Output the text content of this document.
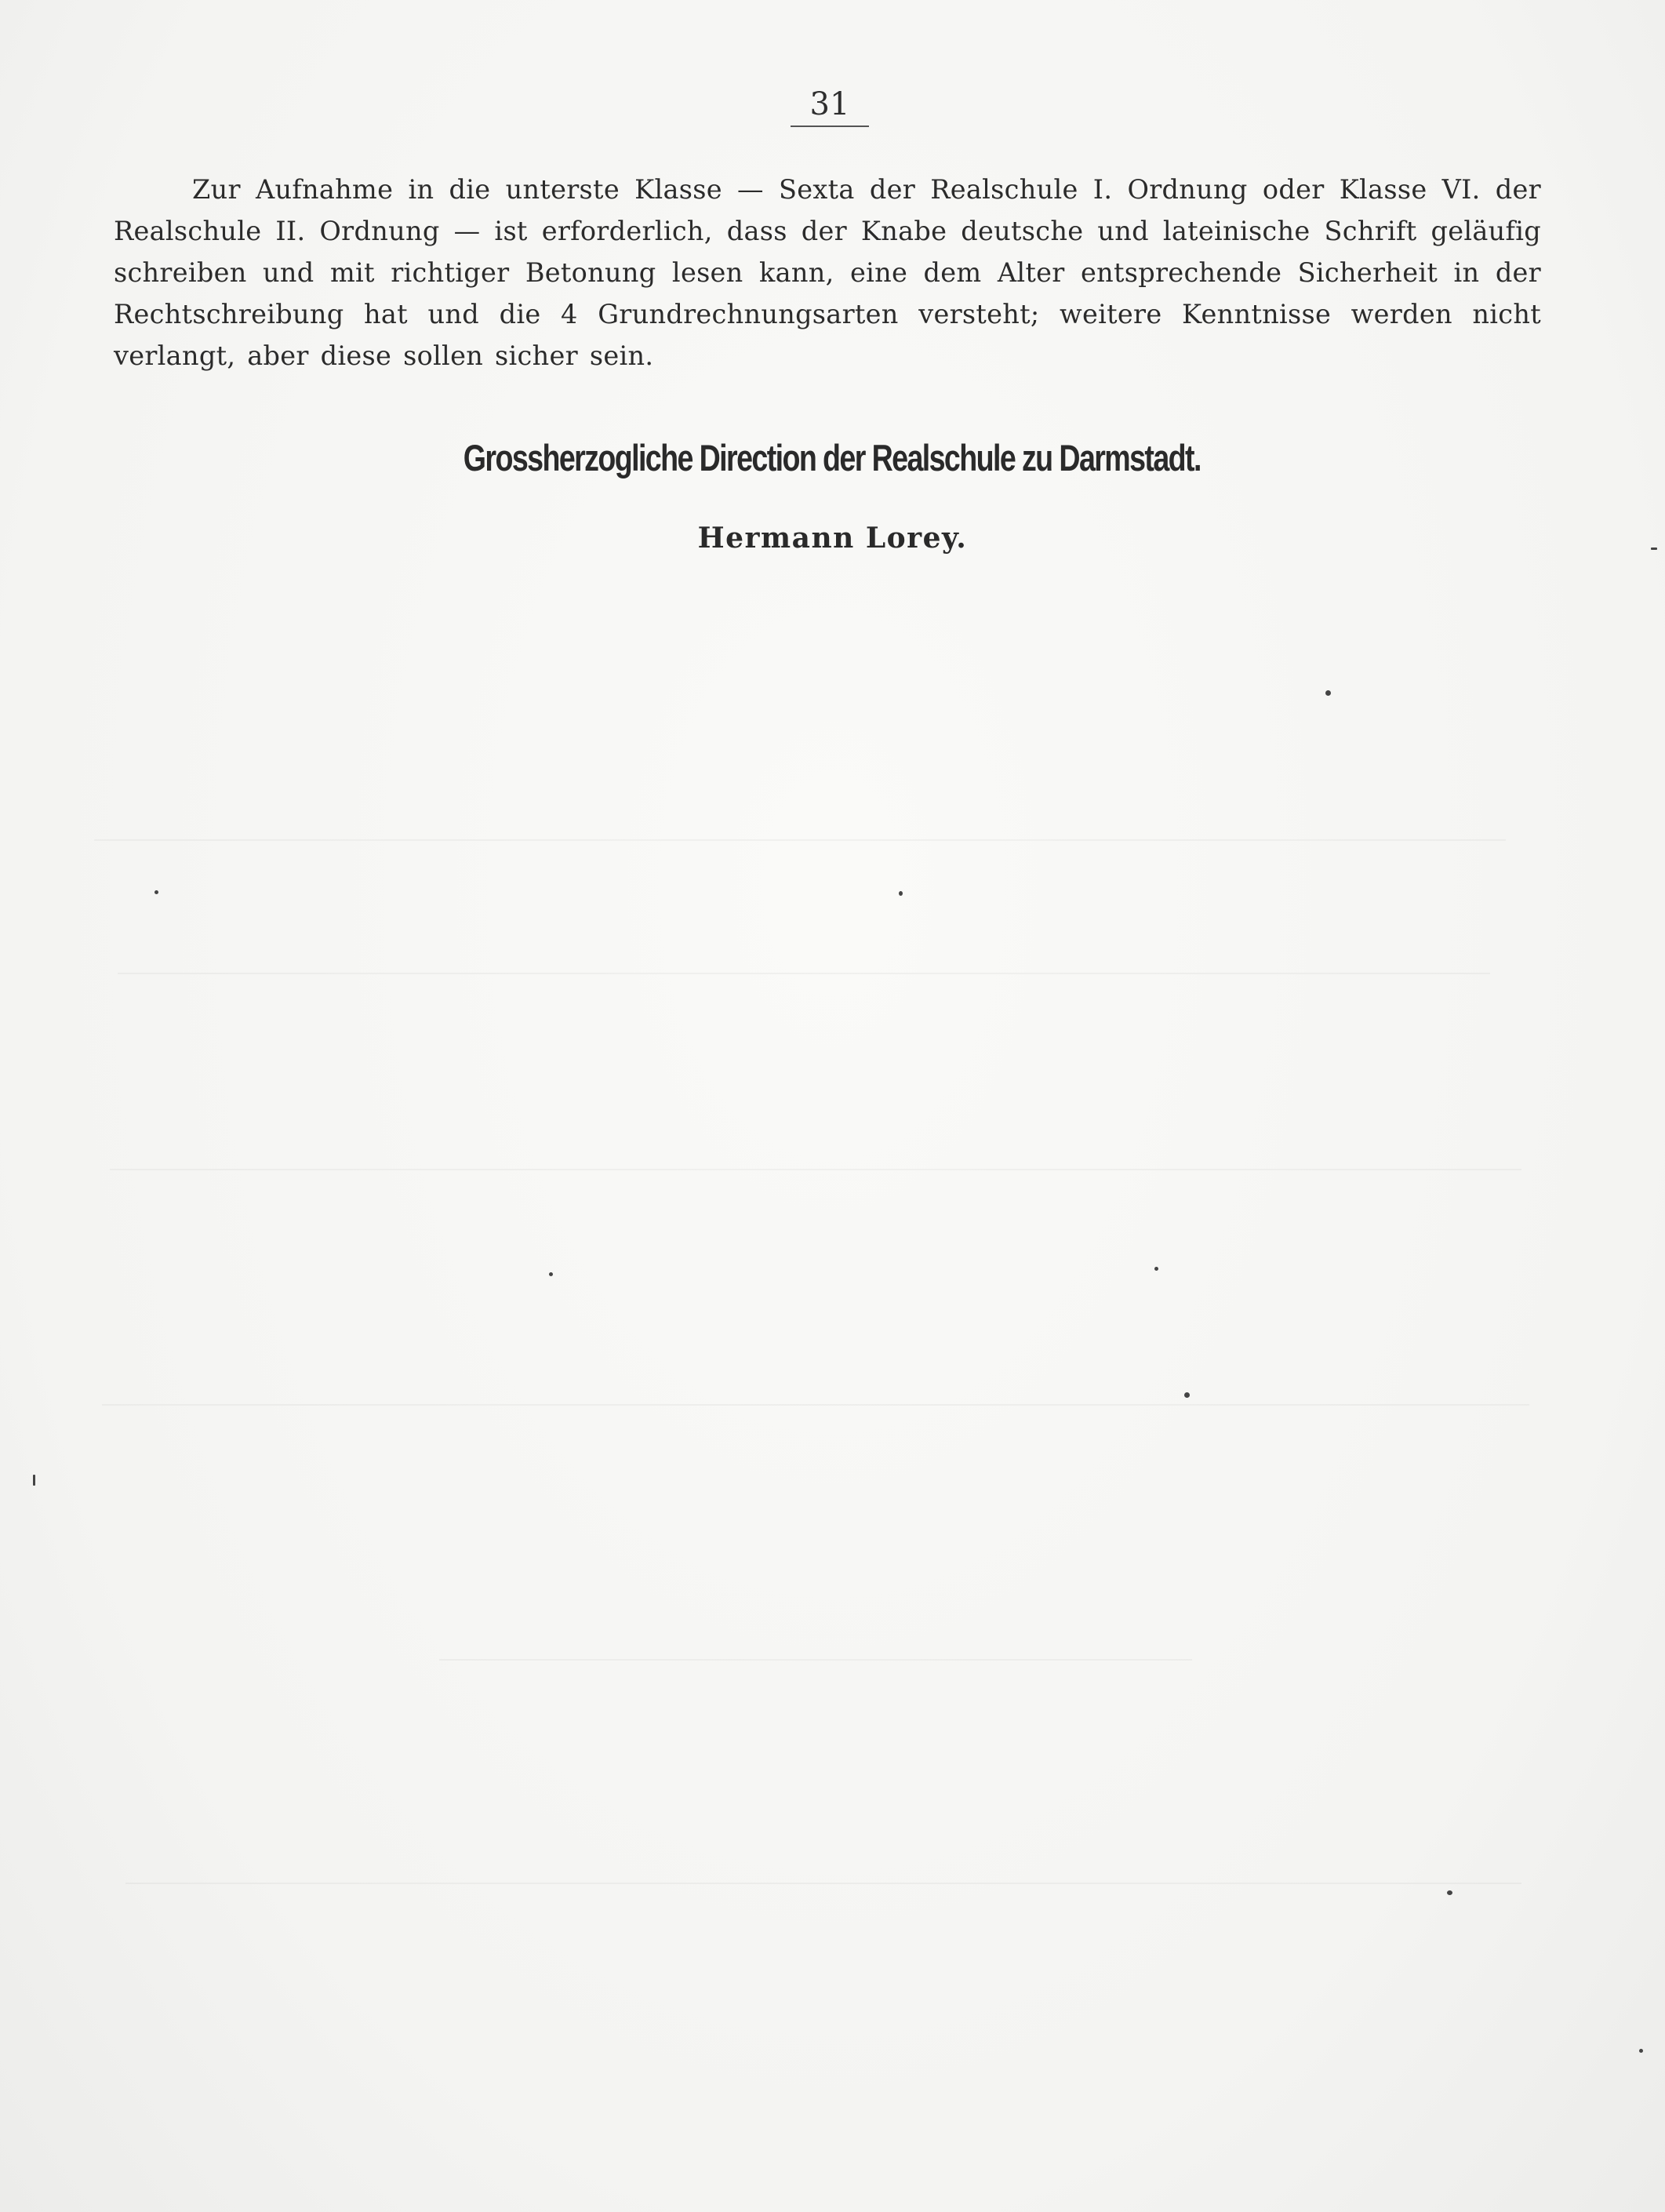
31
Zur Aufnahme in die unterste Klasse — Sexta der Realschule I. Ordnung oder Klasse VI. der Realschule II. Ordnung — ist erforderlich, dass der Knabe deutsche und lateinische Schrift geläufig schreiben und mit richtiger Betonung lesen kann, eine dem Alter entsprechende Sicherheit in der Rechtschreibung hat und die 4 Grundrechnungsarten versteht; weitere Kenntnisse werden nicht verlangt, aber diese sollen sicher sein.
Grossherzogliche Direction der Realschule zu Darmstadt.
Hermann Lorey.
